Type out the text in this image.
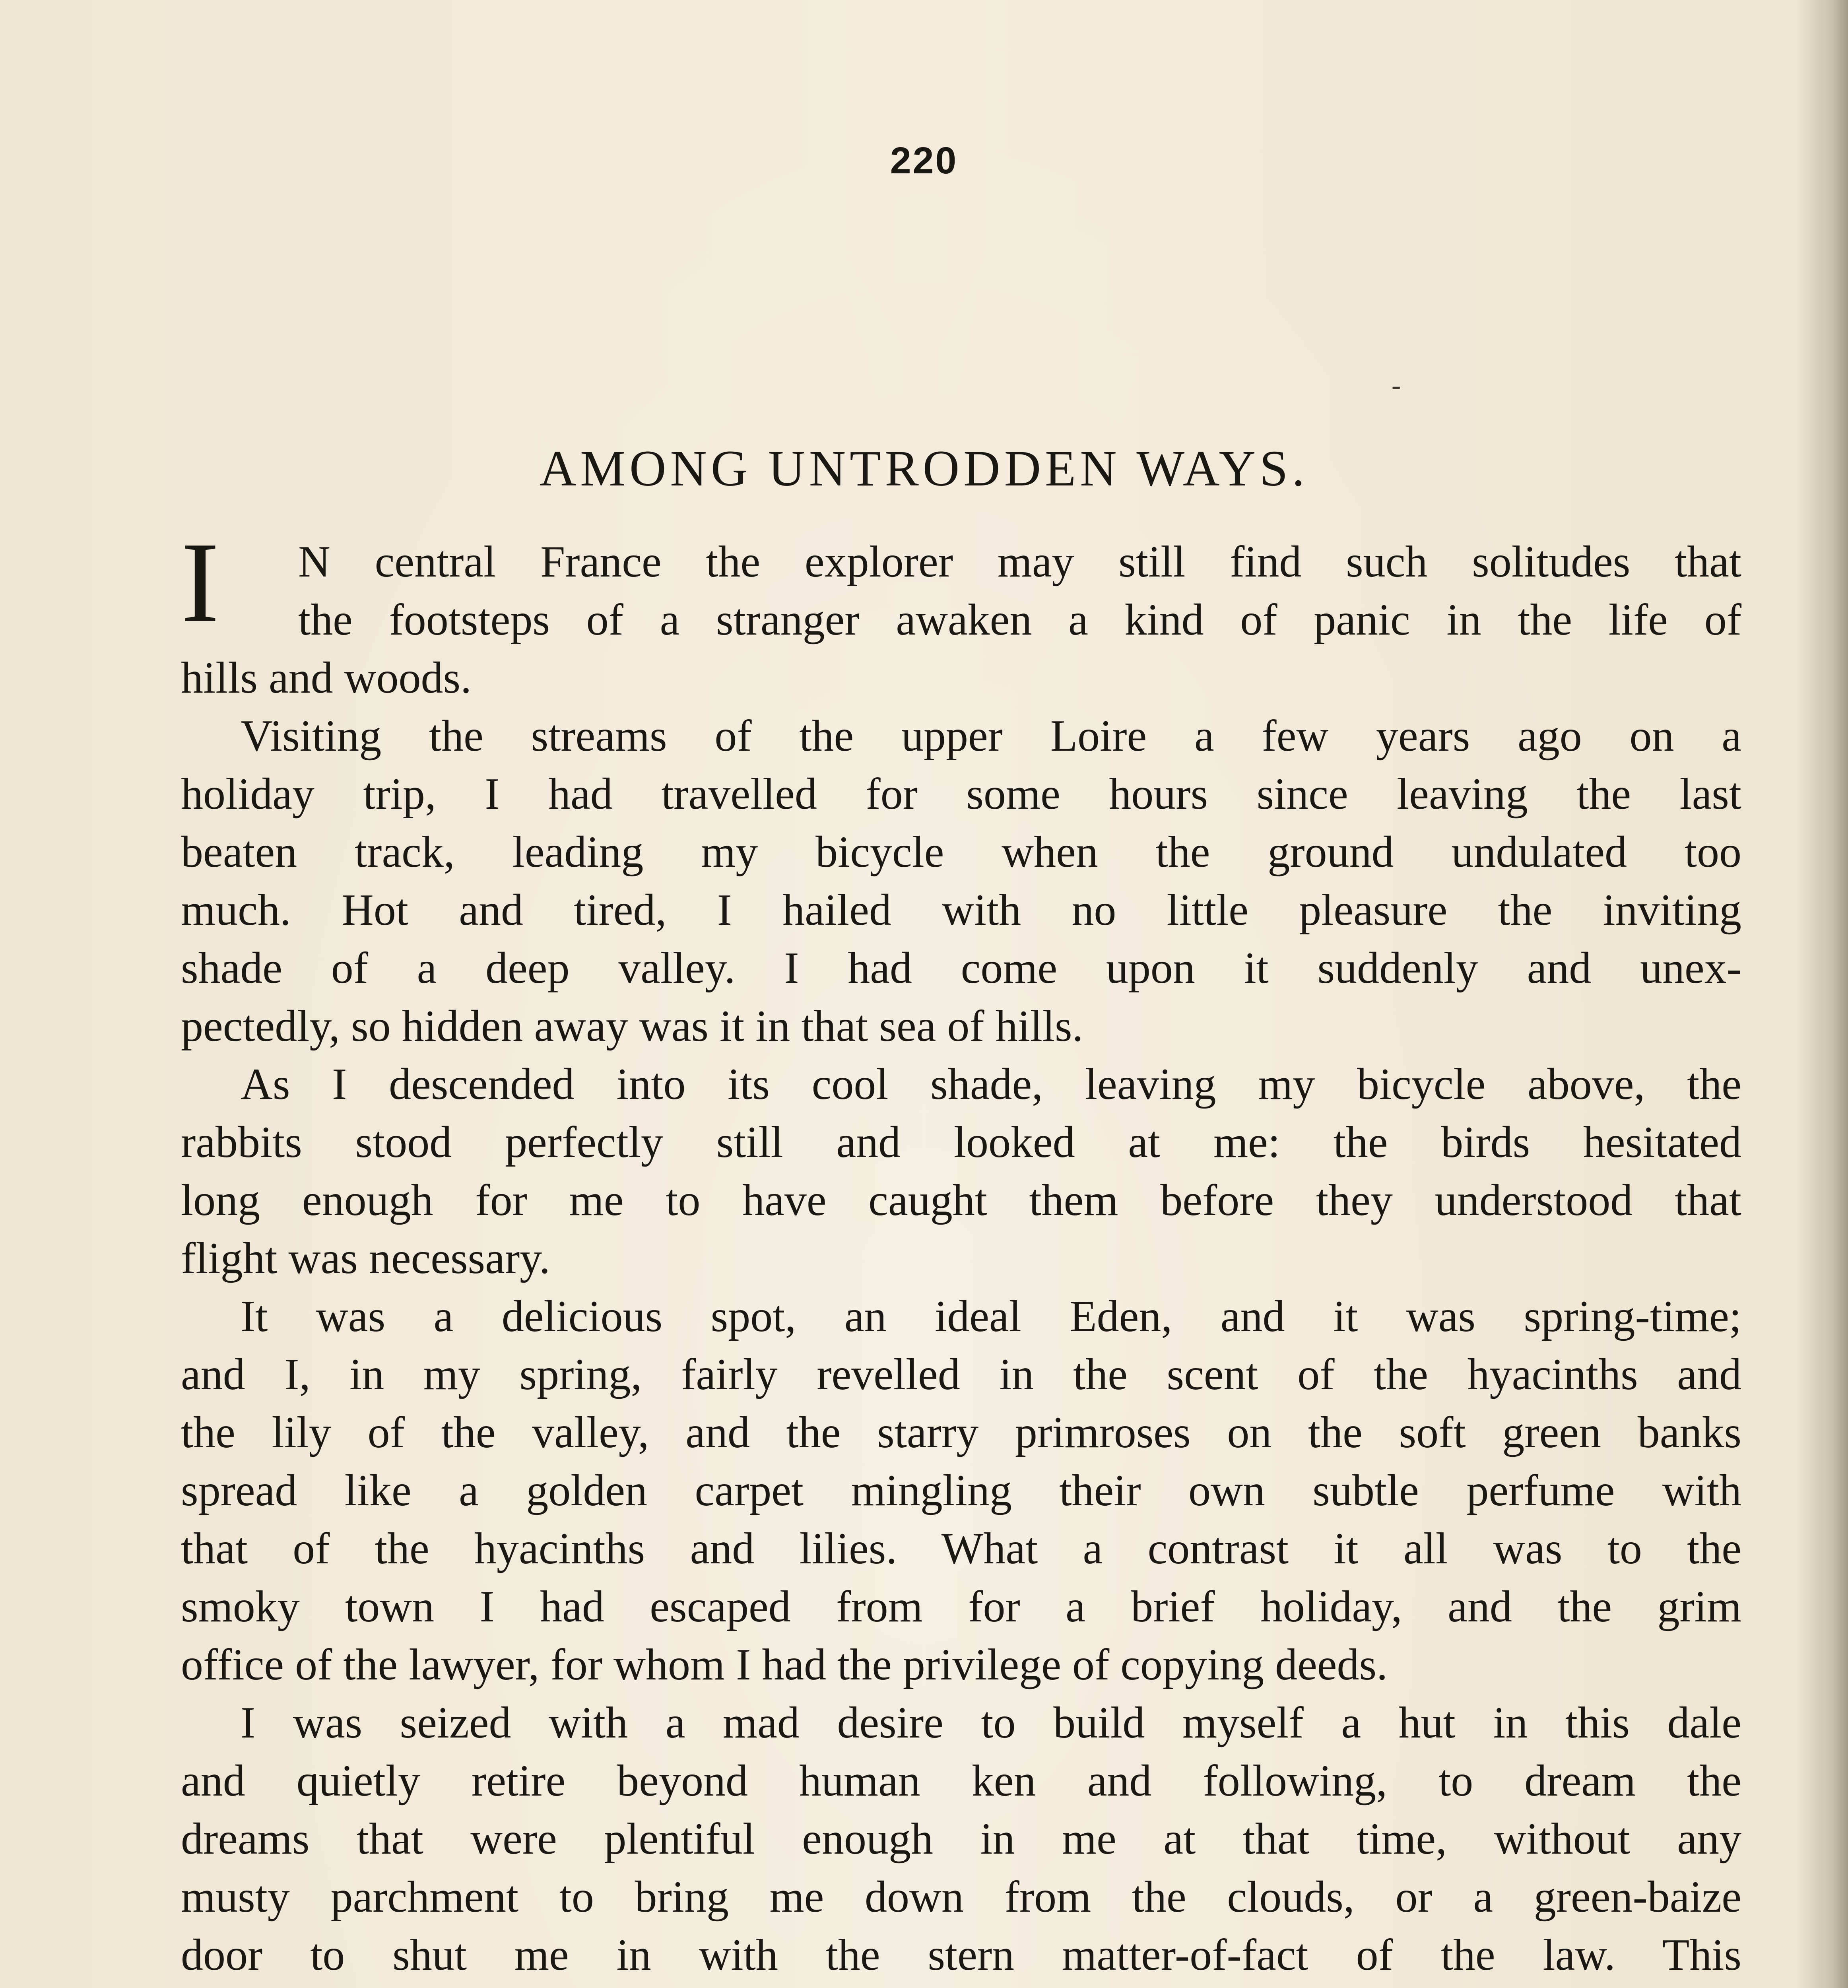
220
-
AMONG UNTRODDEN WAYS.
I	N central France the explorer may still find such solitudes that
the footsteps of a stranger awaken a kind of panic in the life of
hills and woods.
Visiting the streams of the upper Loire a few years ago on a
holiday trip, I had travelled for some hours since leaving the last
beaten track, leading my bicycle when the ground undulated too
much. Hot and tired, I hailed with no little pleasure the inviting
shade of a deep valley. I had come upon it suddenly and unex-
pectedly, so hidden away was it in that sea of hills.
As I descended into its cool shade, leaving my bicycle above, the
rabbits stood perfectly still and looked at me: the birds hesitated
long enough for me to have caught them before they understood that
flight was necessary.
It was a delicious spot, an ideal Eden, and it was spring-time;
and I, in my spring, fairly revelled in the scent of the hyacinths and
the lily of the valley, and the starry primroses on the soft green banks
spread like a golden carpet mingling their own subtle perfume with
that of the hyacinths and lilies. What a contrast it all was to the
smoky town I had escaped from for a brief holiday, and the grim
office of the lawyer, for whom I had the privilege of copying deeds.
I was seized with a mad desire to build myself a hut in this dale
and quietly retire beyond human ken and following, to dream the
dreams that were plentiful enough in me at that time, without any
musty parchment to bring me down from the clouds, or a green-baize
door to shut me in with the stern matter-of-fact of the law. This
